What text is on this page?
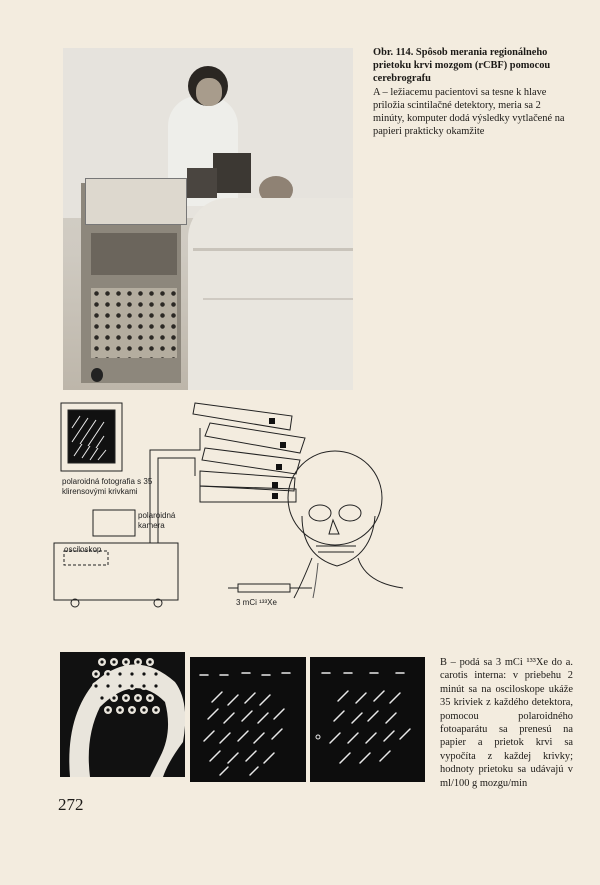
Obr. 114. Spôsob merania regionálneho prietoku krvi mozgom (rCBF) pomocou cerebrografu
A – ležiacemu pacientovi sa tesne k hlave priložia scintilačné detektory, meria sa 2 minúty, komputer dodá výsledky vytlačené na papieri prakticky okamžite
polaroidná fotografia s 35 klirensovými krivkami
polaroidná kamera
osciloskop
3 mCi ¹³³Xe
B – podá sa 3 mCi ¹³³Xe do a. carotis interna: v priebehu 2 minút sa na osciloskope ukáže 35 kriviek z každého detektora, pomocou polaroidného fotoaparátu sa prenesú na papier a prietok krvi sa vypočíta z každej krivky; hodnoty prietoku sa udávajú v ml/100 g mozgu/min
272
